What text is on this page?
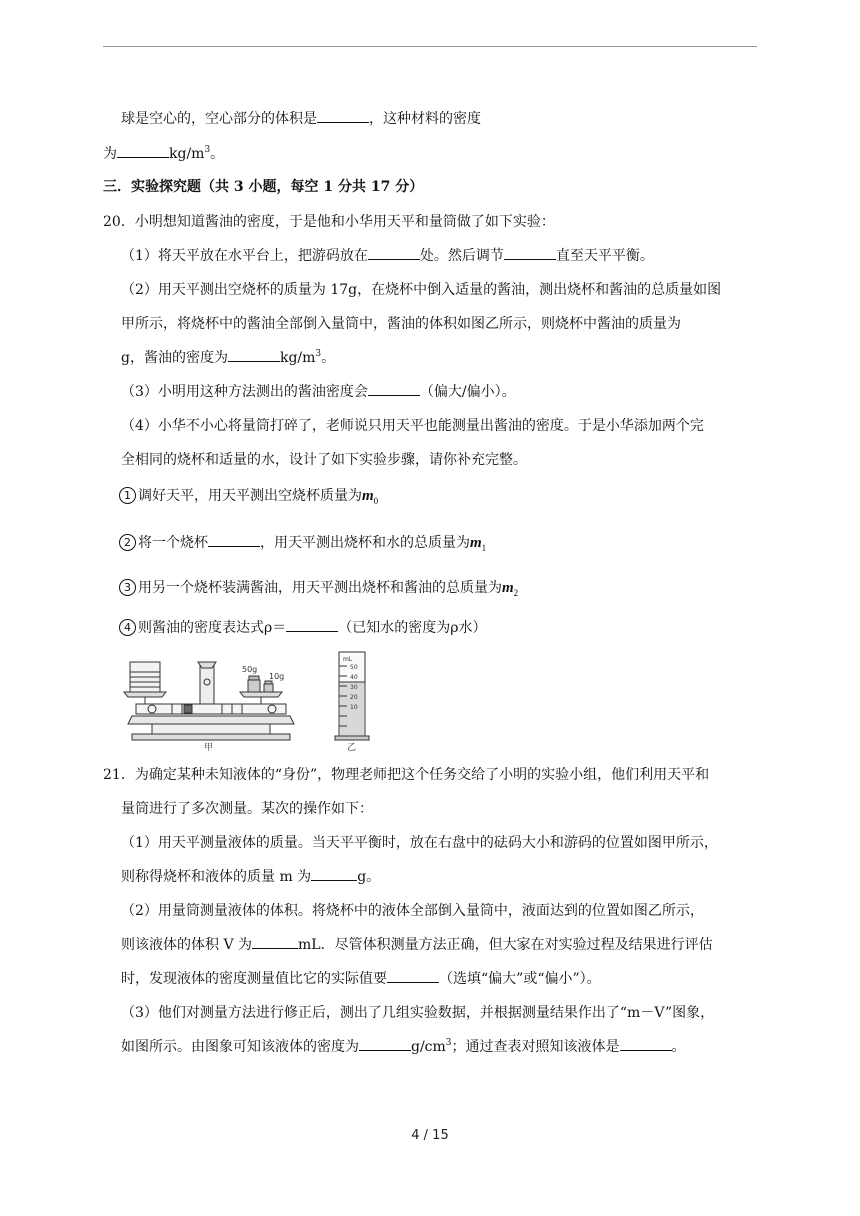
球是空心的，空心部分的体积是	，这种材料的密度
为	$kg/m^3$。
三．实验探究题（共 3 小题，每空 1 分共 17 分）
20．小明想知道酱油的密度，于是他和小华用天平和量筒做了如下实验：
（1）将天平放在水平台上，把游码放在	处。然后调节	直至天平平衡。
（2）用天平测出空烧杯的质量为 17g，在烧杯中倒入适量的酱油，测出烧杯和酱油的总质量如图
甲所示，将烧杯中的酱油全部倒入量筒中，酱油的体积如图乙所示，则烧杯中酱油的质量为
g，酱油的密度为	$kg/m^3$。
（3）小明用这种方法测出的酱油密度会	（偏大/偏小）。
（4）小华不小心将量筒打碎了，老师说只用天平也能测量出酱油的密度。于是小华添加两个完
全相同的烧杯和适量的水，设计了如下实验步骤，请你补充完整。
1 调好天平，用天平测出空烧杯质量为$m_0$
2 将一个烧杯	，用天平测出烧杯和水的总质量为$m_1$
3 用另一个烧杯装满酱油，用天平测出烧杯和酱油的总质量为$m_2$
4 则酱油的密度表达式ρ＝	（已知水的密度为ρ水）
50g
10g
甲
mL
50
40
30
20
10
乙
21．为确定某种未知液体的“身份”，物理老师把这个任务交给了小明的实验小组，他们利用天平和
量筒进行了多次测量。某次的操作如下：
（1）用天平测量液体的质量。当天平平衡时，放在右盘中的砝码大小和游码的位置如图甲所示，
则称得烧杯和液体的质量 m 为	g。
（2）用量筒测量液体的体积。将烧杯中的液体全部倒入量筒中，液面达到的位置如图乙所示，
则该液体的体积 V 为	mL．尽管体积测量方法正确，但大家在对实验过程及结果进行评估
时，发现液体的密度测量值比它的实际值要	（选填“偏大”或“偏小”）。
（3）他们对测量方法进行修正后，测出了几组实验数据，并根据测量结果作出了“m－V”图象，
如图所示。由图象可知该液体的密度为	$g/cm^3$；通过查表对照知该液体是	。
4 / 15
